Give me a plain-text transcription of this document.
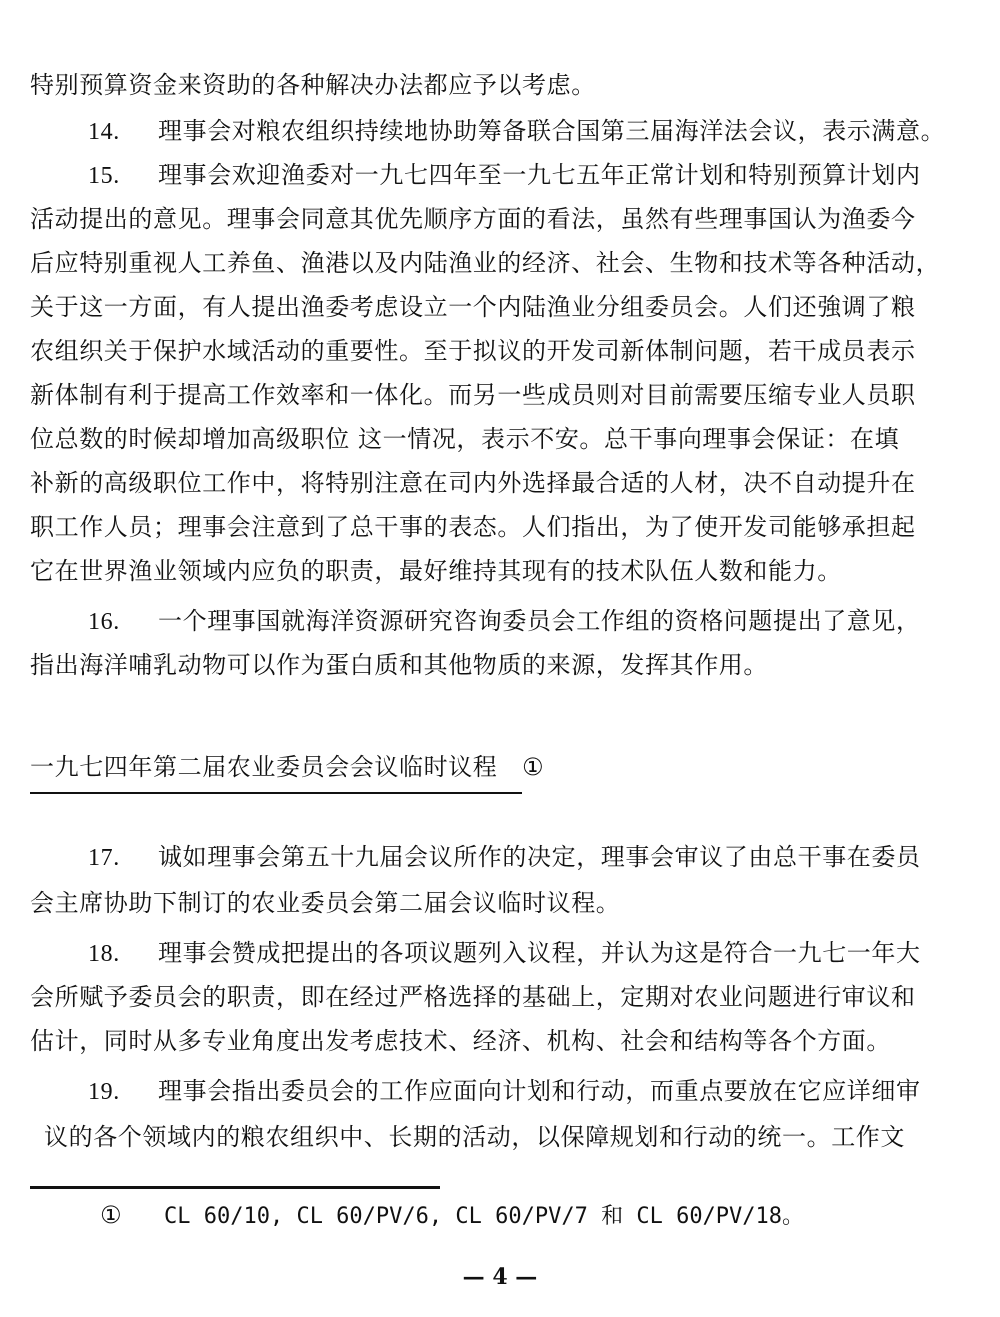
特别预算资金来资助的各种解决办法都应予以考虑。
14. 理事会对粮农组织持续地协助筹备联合国第三届海洋法会议，表示满意。
15. 理事会欢迎渔委对一九七四年至一九七五年正常计划和特别预算计划内
活动提出的意见。理事会同意其优先顺序方面的看法，虽然有些理事国认为渔委今
后应特别重视人工养鱼、渔港以及内陆渔业的经济、社会、生物和技术等各种活动，
关于这一方面，有人提出渔委考虑设立一个内陆渔业分组委员会。人们还強调了粮
农组织关于保护水域活动的重要性。至于拟议的开发司新体制问题，若干成员表示
新体制有利于提高工作效率和一体化。而另一些成员则对目前需要压缩专业人员职
位总数的时候却增加高级职位 这一情况，表示不安。总干事向理事会保证：在填
补新的高级职位工作中，将特别注意在司内外选择最合适的人材，决不自动提升在
职工作人员；理事会注意到了总干事的表态。人们指出，为了使开发司能够承担起
它在世界渔业领域内应负的职责，最好维持其现有的技术队伍人数和能力。
16. 一个理事国就海洋资源研究咨询委员会工作组的资格问题提出了意见，
指出海洋哺乳动物可以作为蛋白质和其他物质的来源，发挥其作用。
一九七四年第二届农业委员会会议临时议程　①
17. 诚如理事会第五十九届会议所作的决定，理事会审议了由总干事在委员
会主席协助下制订的农业委员会第二届会议临时议程。
18. 理事会赞成把提出的各项议题列入议程，并认为这是符合一九七一年大
会所赋予委员会的职责，即在经过严格选择的基础上，定期对农业问题进行审议和
估计，同时从多专业角度出发考虑技术、经济、机构、社会和结构等各个方面。
19. 理事会指出委员会的工作应面向计划和行动，而重点要放在它应详细审
议的各个领域内的粮农组织中、长期的活动，以保障规划和行动的统一。工作文
① CL 60/10, CL 60/PV/6, CL 60/PV/7 和 CL 60/PV/18。
— 4 —
